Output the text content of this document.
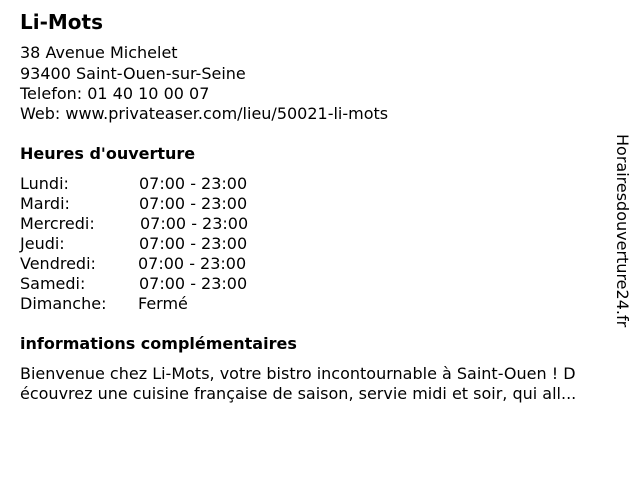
Li-Mots
38 Avenue Michelet
93400 Saint-Ouen-sur-Seine
Telefon: 01 40 10 00 07
Web: www.privateaser.com/lieu/50021-li-mots
Heures d'ouverture
Lundi:	07:00 - 23:00
Mardi:	07:00 - 23:00
Mercredi:	07:00 - 23:00
Jeudi:	07:00 - 23:00
Vendredi:	07:00 - 23:00
Samedi:	07:00 - 23:00
Dimanche: Fermé
informations complémentaires
Bienvenue chez Li-Mots, votre bistro incontournable à Saint-Ouen ! D
écouvrez une cuisine française de saison, servie midi et soir, qui all...
Horairesdouverture24.fr
